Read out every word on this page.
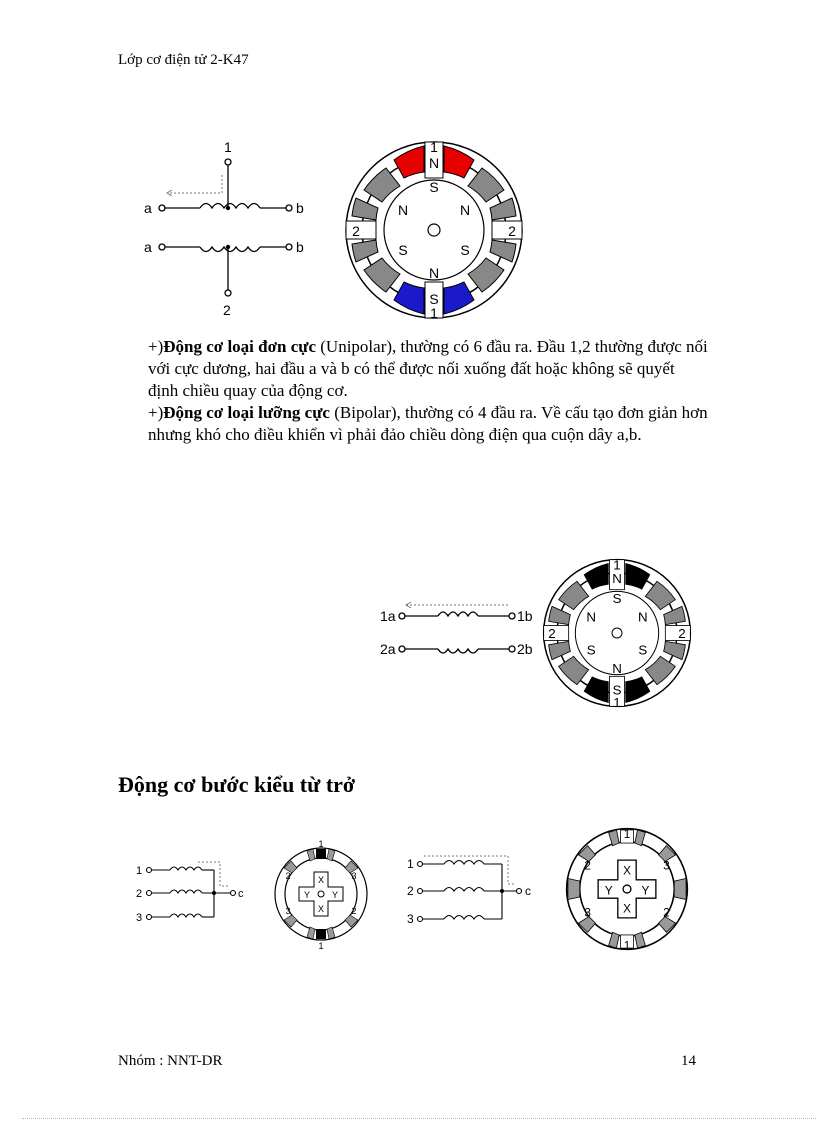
Lớp cơ điện tử 2-K47
1
a	b
a	b
2
1
N
S
N	N
S	S
N
S
1
2	2

+)Động cơ loại đơn cực (Unipolar), thường có 6 đầu ra. Đầu 1,2 thường được nối với cực dương, hai đầu a và b có thể được nối xuống đất hoặc không sẽ quyết định chiều quay của động cơ.

+)Động cơ loại lưỡng cực (Bipolar), thường có 4 đầu ra. Về cấu tạo đơn giản hơn nhưng khó cho điều khiển vì phải đảo chiều dòng điện qua cuộn dây a,b.

1a	1b
2a	2b
1
N
S
N	N
S	S
N
S
1
2	2
Động cơ bước kiểu từ trở
1
2
3
c
1
1
2	3
3	2
X
X
Y Y
1
2
3
c
1
1
2	3
3	2
X
X
Y	Y
Nhóm : NNT-DR	14
